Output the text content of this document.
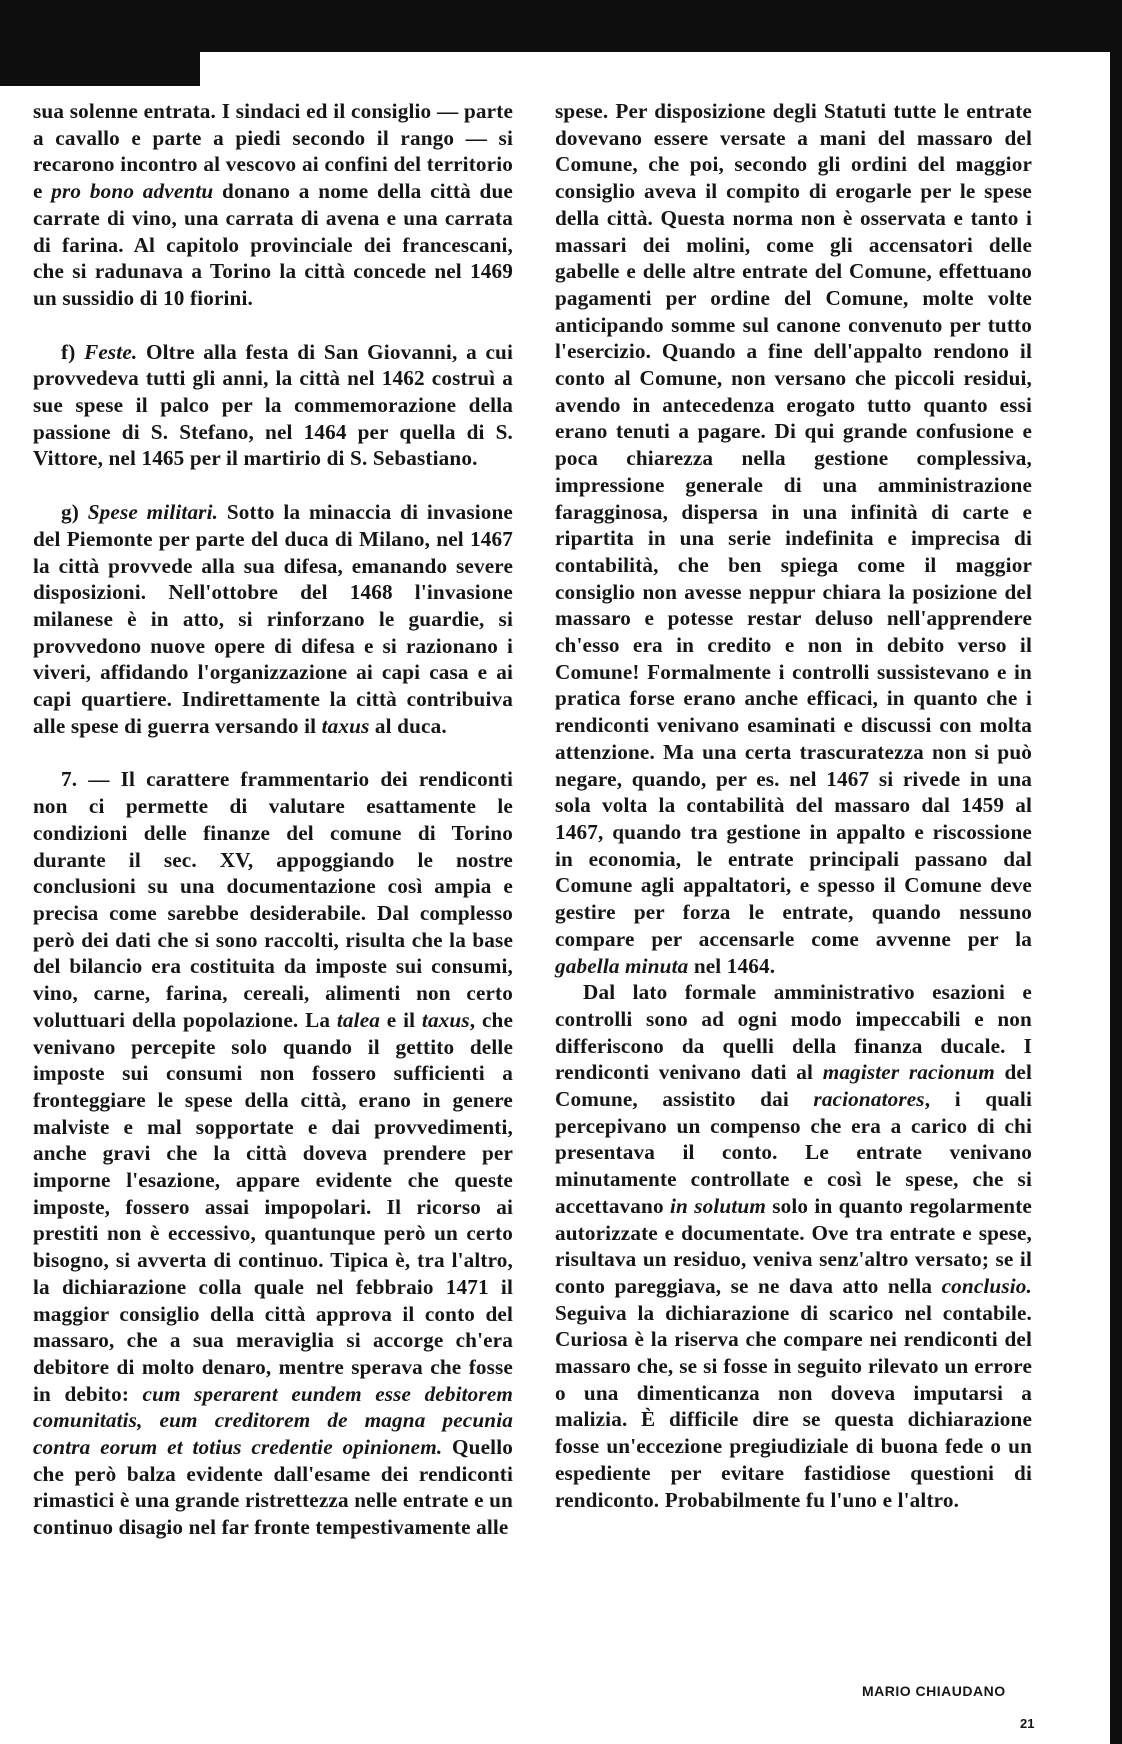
sua solenne entrata. I sindaci ed il consiglio — parte a cavallo e parte a piedi secondo il rango — si recarono incontro al vescovo ai confini del territorio e pro bono adventu donano a nome della città due carrate di vino, una carrata di avena e una carrata di farina. Al capitolo provinciale dei francescani, che si radunava a Torino la città concede nel 1469 un sussidio di 10 fiorini.

f) Feste. Oltre alla festa di San Giovanni, a cui provvedeva tutti gli anni, la città nel 1462 costruì a sue spese il palco per la commemorazione della passione di S. Stefano, nel 1464 per quella di S. Vittore, nel 1465 per il martirio di S. Sebastiano.

g) Spese militari. Sotto la minaccia di invasione del Piemonte per parte del duca di Milano, nel 1467 la città provvede alla sua difesa, emanando severe disposizioni. Nell'ottobre del 1468 l'invasione milanese è in atto, si rinforzano le guardie, si provvedono nuove opere di difesa e si razionano i viveri, affidando l'organizzazione ai capi casa e ai capi quartiere. Indirettamente la città contribuiva alle spese di guerra versando il taxus al duca.

7. — Il carattere frammentario dei rendiconti non ci permette di valutare esattamente le condizioni delle finanze del comune di Torino durante il sec. XV, appoggiando le nostre conclusioni su una documentazione così ampia e precisa come sarebbe desiderabile. Dal complesso però dei dati che si sono raccolti, risulta che la base del bilancio era costituita da imposte sui consumi, vino, carne, farina, cereali, alimenti non certo voluttuari della popolazione. La talea e il taxus, che venivano percepite solo quando il gettito delle imposte sui consumi non fossero sufficienti a fronteggiare le spese della città, erano in genere malviste e mal sopportate e dai provvedimenti, anche gravi che la città doveva prendere per imporne l'esazione, appare evidente che queste imposte, fossero assai impopolari. Il ricorso ai prestiti non è eccessivo, quantunque però un certo bisogno, si avverta di continuo. Tipica è, tra l'altro, la dichiarazione colla quale nel febbraio 1471 il maggior consiglio della città approva il conto del massaro, che a sua meraviglia si accorge ch'era debitore di molto denaro, mentre sperava che fosse in debito: cum sperarent eundem esse debitorem comunitatis, eum creditorem de magna pecunia contra eorum et totius credentie opinionem. Quello che però balza evidente dall'esame dei rendiconti rimastici è una grande ristrettezza nelle entrate e un continuo disagio nel far fronte tempestivamente alle

spese. Per disposizione degli Statuti tutte le entrate dovevano essere versate a mani del massaro del Comune, che poi, secondo gli ordini del maggior consiglio aveva il compito di erogarle per le spese della città. Questa norma non è osservata e tanto i massari dei molini, come gli accensatori delle gabelle e delle altre entrate del Comune, effettuano pagamenti per ordine del Comune, molte volte anticipando somme sul canone convenuto per tutto l'esercizio. Quando a fine dell'appalto rendono il conto al Comune, non versano che piccoli residui, avendo in antecedenza erogato tutto quanto essi erano tenuti a pagare. Di qui grande confusione e poca chiarezza nella gestione complessiva, impressione generale di una amministrazione faragginosa, dispersa in una infinità di carte e ripartita in una serie indefinita e imprecisa di contabilità, che ben spiega come il maggior consiglio non avesse neppur chiara la posizione del massaro e potesse restar deluso nell'apprendere ch'esso era in credito e non in debito verso il Comune! Formalmente i controlli sussistevano e in pratica forse erano anche efficaci, in quanto che i rendiconti venivano esaminati e discussi con molta attenzione. Ma una certa trascuratezza non si può negare, quando, per es. nel 1467 si rivede in una sola volta la contabilità del massaro dal 1459 al 1467, quando tra gestione in appalto e riscossione in economia, le entrate principali passano dal Comune agli appaltatori, e spesso il Comune deve gestire per forza le entrate, quando nessuno compare per accensarle come avvenne per la gabella minuta nel 1464.

Dal lato formale amministrativo esazioni e controlli sono ad ogni modo impeccabili e non differiscono da quelli della finanza ducale. I rendiconti venivano dati al magister racionum del Comune, assistito dai racionatores, i quali percepivano un compenso che era a carico di chi presentava il conto. Le entrate venivano minutamente controllate e così le spese, che si accettavano in solutum solo in quanto regolarmente autorizzate e documentate. Ove tra entrate e spese, risultava un residuo, veniva senz'altro versato; se il conto pareggiava, se ne dava atto nella conclusio. Seguiva la dichiarazione di scarico nel contabile. Curiosa è la riserva che compare nei rendiconti del massaro che, se si fosse in seguito rilevato un errore o una dimenticanza non doveva imputarsi a malizia. È difficile dire se questa dichiarazione fosse un'eccezione pregiudiziale di buona fede o un espediente per evitare fastidiose questioni di rendiconto. Probabilmente fu l'uno e l'altro.

MARIO CHIAUDANO
21
